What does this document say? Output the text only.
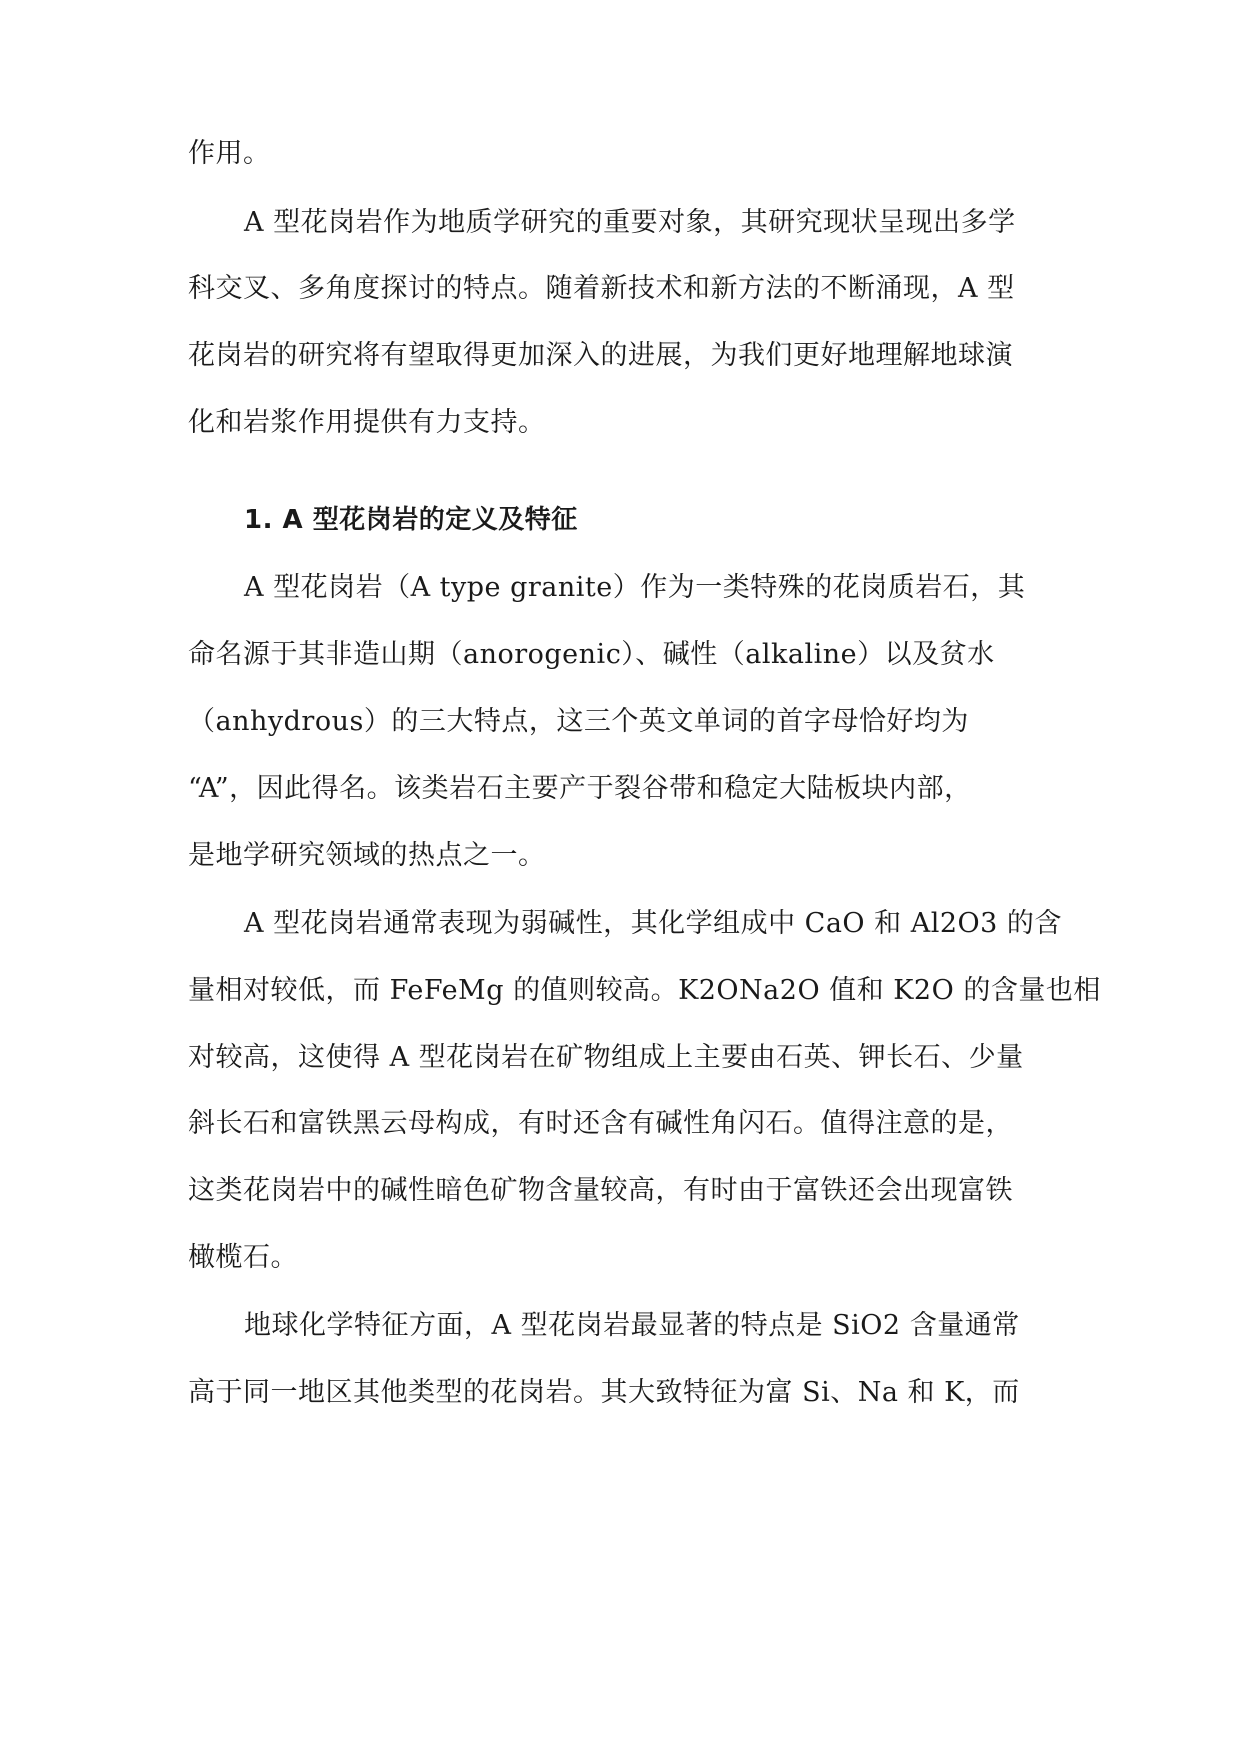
作用。
A 型花岗岩作为地质学研究的重要对象，其研究现状呈现出多学
科交叉、多角度探讨的特点。随着新技术和新方法的不断涌现，A 型
花岗岩的研究将有望取得更加深入的进展，为我们更好地理解地球演
化和岩浆作用提供有力支持。
1. A 型花岗岩的定义及特征
A 型花岗岩（A type granite）作为一类特殊的花岗质岩石，其
命名源于其非造山期（anorogenic）、碱性（alkaline）以及贫水
（anhydrous）的三大特点，这三个英文单词的首字母恰好均为
“A”，因此得名。该类岩石主要产于裂谷带和稳定大陆板块内部，
是地学研究领域的热点之一。
A 型花岗岩通常表现为弱碱性，其化学组成中 CaO 和 Al2O3 的含
量相对较低，而 FeFeMg 的值则较高。K2ONa2O 值和 K2O 的含量也相
对较高，这使得 A 型花岗岩在矿物组成上主要由石英、钾长石、少量
斜长石和富铁黑云母构成，有时还含有碱性角闪石。值得注意的是，
这类花岗岩中的碱性暗色矿物含量较高，有时由于富铁还会出现富铁
橄榄石。
地球化学特征方面，A 型花岗岩最显著的特点是 SiO2 含量通常
高于同一地区其他类型的花岗岩。其大致特征为富 Si、Na 和 K，而
